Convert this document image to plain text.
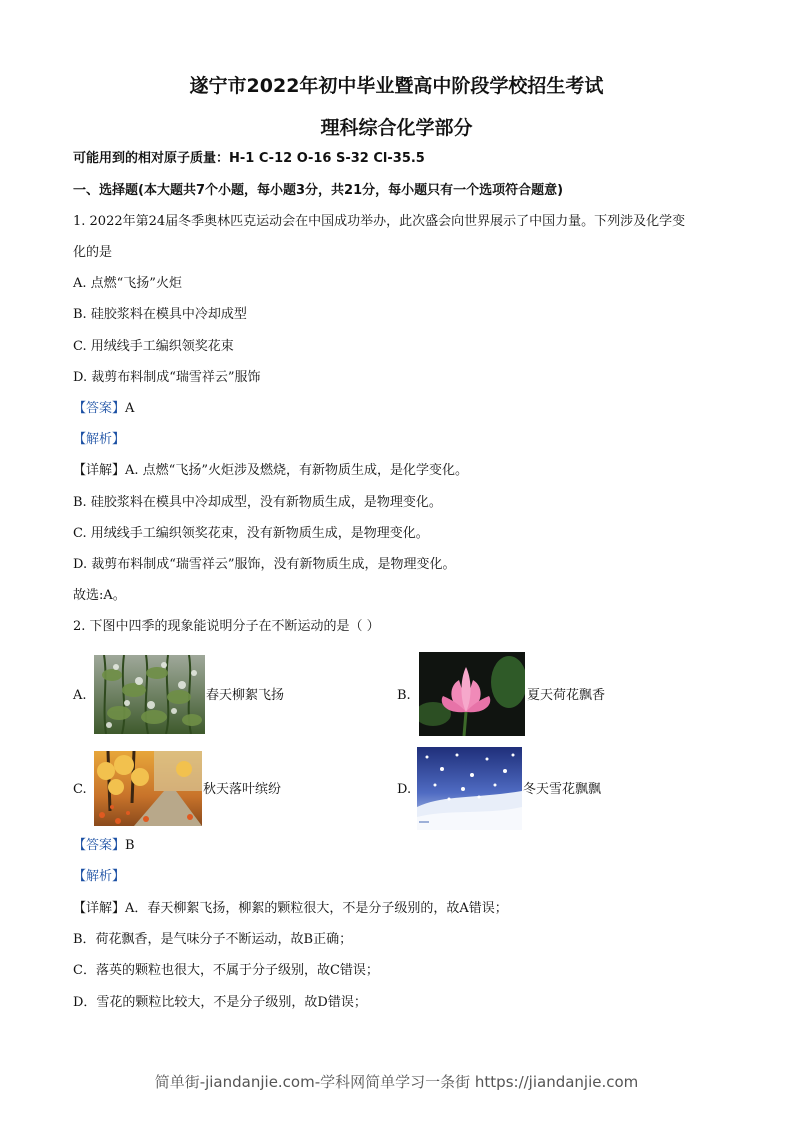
遂宁市2022年初中毕业暨高中阶段学校招生考试
理科综合化学部分
可能用到的相对原子质量：H-1 C-12 O-16 S-32 Cl-35.5
一、选择题(本大题共7个小题，每小题3分，共21分，每小题只有一个选项符合题意)
1. 2022年第24届冬季奥林匹克运动会在中国成功举办，此次盛会向世界展示了中国力量。下列涉及化学变
化的是
A. 点燃“飞扬”火炬
B. 硅胶浆料在模具中冷却成型
C. 用绒线手工编织领奖花束
D. 裁剪布料制成“瑞雪祥云”服饰
【答案】A
【解析】
【详解】A. 点燃“飞扬”火炬涉及燃烧，有新物质生成，是化学变化。
B. 硅胶浆料在模具中冷却成型，没有新物质生成，是物理变化。
C. 用绒线手工编织领奖花束，没有新物质生成，是物理变化。
D. 裁剪布料制成“瑞雪祥云”服饰，没有新物质生成，是物理变化。
故选:A。
2. 下图中四季的现象能说明分子在不断运动的是（ ）
A.	春天柳絮飞扬	B.	夏天荷花飘香
C.	秋天落叶缤纷	D.	冬天雪花飘飘
【答案】B
【解析】
【详解】A．春天柳絮飞扬，柳絮的颗粒很大，不是分子级别的，故A错误；
B．荷花飘香，是气味分子不断运动，故B正确；
C．落英的颗粒也很大，不属于分子级别，故C错误；
D．雪花的颗粒比较大，不是分子级别，故D错误；
简单街-jiandanjie.com-学科网简单学习一条街 https://jiandanjie.com
